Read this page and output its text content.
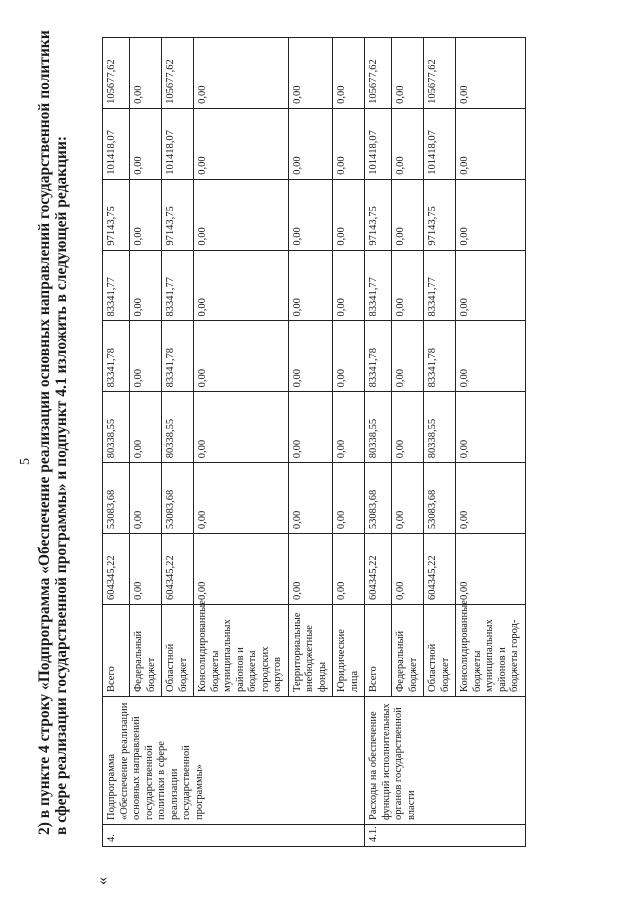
5 2) в пункте 4 строку «Подпрограмма «Обеспечение реализации основных направлений государственной политики в сфере реализации государственной программы» и подпункт 4.1 изложить в следующей редакции:
«
4.	Подпрограмма «Обеспечение реализации основных направлений государственной политики в сфере реализации государственной программы»	Всего	604345,22	53083,68	80338,55	83341,78	83341,77	97143,75	101418,07	105677,62
		Федеральный бюджет	0,00	0,00	0,00	0,00	0,00	0,00	0,00	0,00
		Областной бюджет	604345,22	53083,68	80338,55	83341,78	83341,77	97143,75	101418,07	105677,62
		Консолидированные бюджеты муниципальных районов и бюджеты городских округов	0,00	0,00	0,00	0,00	0,00	0,00	0,00	0,00
		Территориальные внебюджетные фонды	0,00	0,00	0,00	0,00	0,00	0,00	0,00	0,00
		Юридические лица	0,00	0,00	0,00	0,00	0,00	0,00	0,00	0,00
4.1.	Расходы на обеспечение функций исполнительных органов государственной власти	Всего	604345,22	53083,68	80338,55	83341,78	83341,77	97143,75	101418,07	105677,62
		Федеральный бюджет	0,00	0,00	0,00	0,00	0,00	0,00	0,00	0,00
		Областной бюджет	604345,22	53083,68	80338,55	83341,78	83341,77	97143,75	101418,07	105677,62
		Консолидированные бюджеты муниципальных районов и бюджеты город-	0,00	0,00	0,00	0,00	0,00	0,00	0,00	0,00
